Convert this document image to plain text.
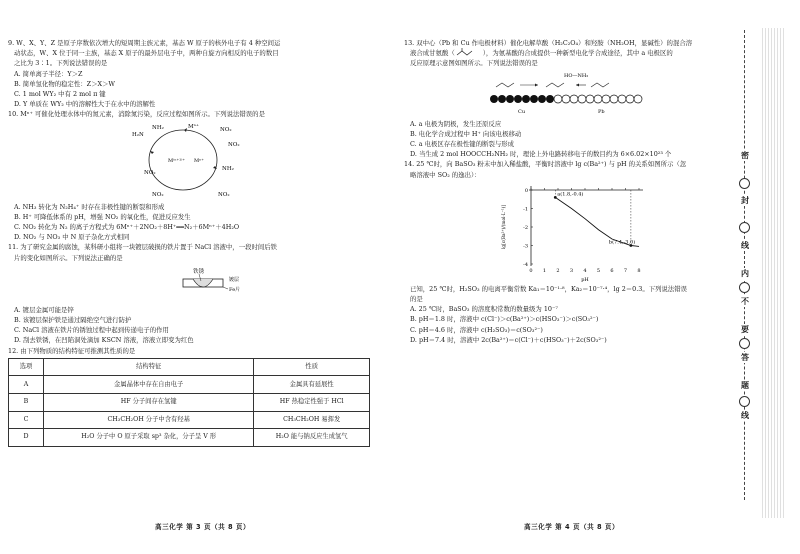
9. W、X、Y、Z 是原子序数依次增大的短周期主族元素，基态 W 原子的核外电子有 4 种空间运

动状态，W、X 位于同一主族，基态 X 原子的最外层电子中，两种自旋方向相反的电子的数目

之比为 3∶1。下列说法错误的是

A. 简单离子半径：Y＞Z

B. 简单氢化物的稳定性：Z＞X＞W

C. 1 mol WY₂ 中有 2 mol π 键

D. Y 单质在 WY₂ 中的溶解性大于在水中的溶解性

10. Mⁿ⁺ 可催化处理水体中的氮元素，消除氮污染，反应过程如图所示。下列说法错误的是

H₂N
NH₂	Mⁿ⁺	NO₂
NO₂
M⁽ⁿ⁺¹⁾⁺ Mⁿ⁺
NO₂
NH₂
NO₂	NO₂

A. NH₃ 转化为 N₂H₄⁺ 时存在非极性键的断裂和形成

B. H⁺ 可降低体系的 pH，增强 NO₂ 的氧化性，促进反应发生

C. NO₂ 转化为 N₂ 的离子方程式为 6Mⁿ⁺＋2NO₂＋8H⁺══N₂＋6Mⁿ⁺＋4H₂O

D. NO₂ 与 NO₃ 中 N 原子杂化方式相同

11. 为了研究金属的腐蚀，某科研小组将一块镀层破损的铁片置于 NaCl 溶液中，一段时间后铁

片的变化如图所示。下列说法正确的是

铁锈
镀层
Fe片

A. 镀层金属可能是锌

B. 该镀层保护铁是通过隔绝空气进行防护

C. NaCl 溶液在铁片的锈蚀过程中起到传递电子的作用

D. 刮去铁锈，在凹陷洞处滴加 KSCN 溶液，溶液立即变为红色

12. 由下列物质的结构特征可推测其性质的是

选项	结构特征	性质
A	金属晶体中存在自由电子	金属具有延展性
B	HF 分子间存在氢键	HF 热稳定性强于 HCl
C	CH₃CH₂OH 分子中含有羟基	CH₃CH₂OH 易挥发
D	H₂O 分子中 O 原子采取 sp³ 杂化，分子呈 V 形	H₂O 能与钠反应生成氢气
高三化学 第 3 页（共 8 页）

13. 双中心（Pb 和 Cu 作电极材料）催化电解草酸（H₂C₂O₄）和羟胺（NH₂OH，显碱性）的混合溶

液合成甘氨酸（	），为氨基酸的合成提供一种新型电化学合成途径，其中 a 电极区的

反应原理示意图如图所示。下列说法错误的是

HO—NH₂
Cu	Pb

A. a 电极为阴极，发生还原反应

B. 电化学合成过程中 H⁺ 向该电极移动

C. a 电极区存在极性键的断裂与形成

D. 当生成 2 mol HOOCCH₂NH₂ 时，理论上外电路转移电子的数目约为 6×6.02×10²³ 个

14. 25 ℃时，向 BaSO₃ 粉末中加入稀盐酸，平衡时溶液中 lg c(Ba²⁺) 与 pH 的关系如图所示（忽

略溶液中 SO₂ 的逸出）：

0 1 2 3 4 5 6 7 8
0
-1
-2
-3
-4
a(1.8,-0.4)
b(7.4,-3.0)
pH
lg[c(Ba²⁺)/(mol·L⁻¹)]

已知，25 ℃时，H₂SO₃ 的电离平衡常数 Ka₁＝10⁻¹·⁸，Ka₂＝10⁻⁷·⁴，lg 2＝0.3。下列说法错误

的是

A. 25 ℃时，BaSO₃ 的溶度积常数的数量级为 10⁻⁷

B. pH＝1.8 时，溶液中 c(Cl⁻)＞c(Ba²⁺)＞c(HSO₃⁻)＞c(SO₃²⁻)

C. pH＝4.6 时，溶液中 c(H₂SO₃)＝c(SO₃²⁻)

D. pH＝7.4 时，溶液中 2c(Ba²⁺)＝c(Cl⁻)＋c(HSO₃⁻)＋2c(SO₃²⁻)

高三化学 第 4 页（共 8 页）
密
封
线
内
不
要
答
题
线
